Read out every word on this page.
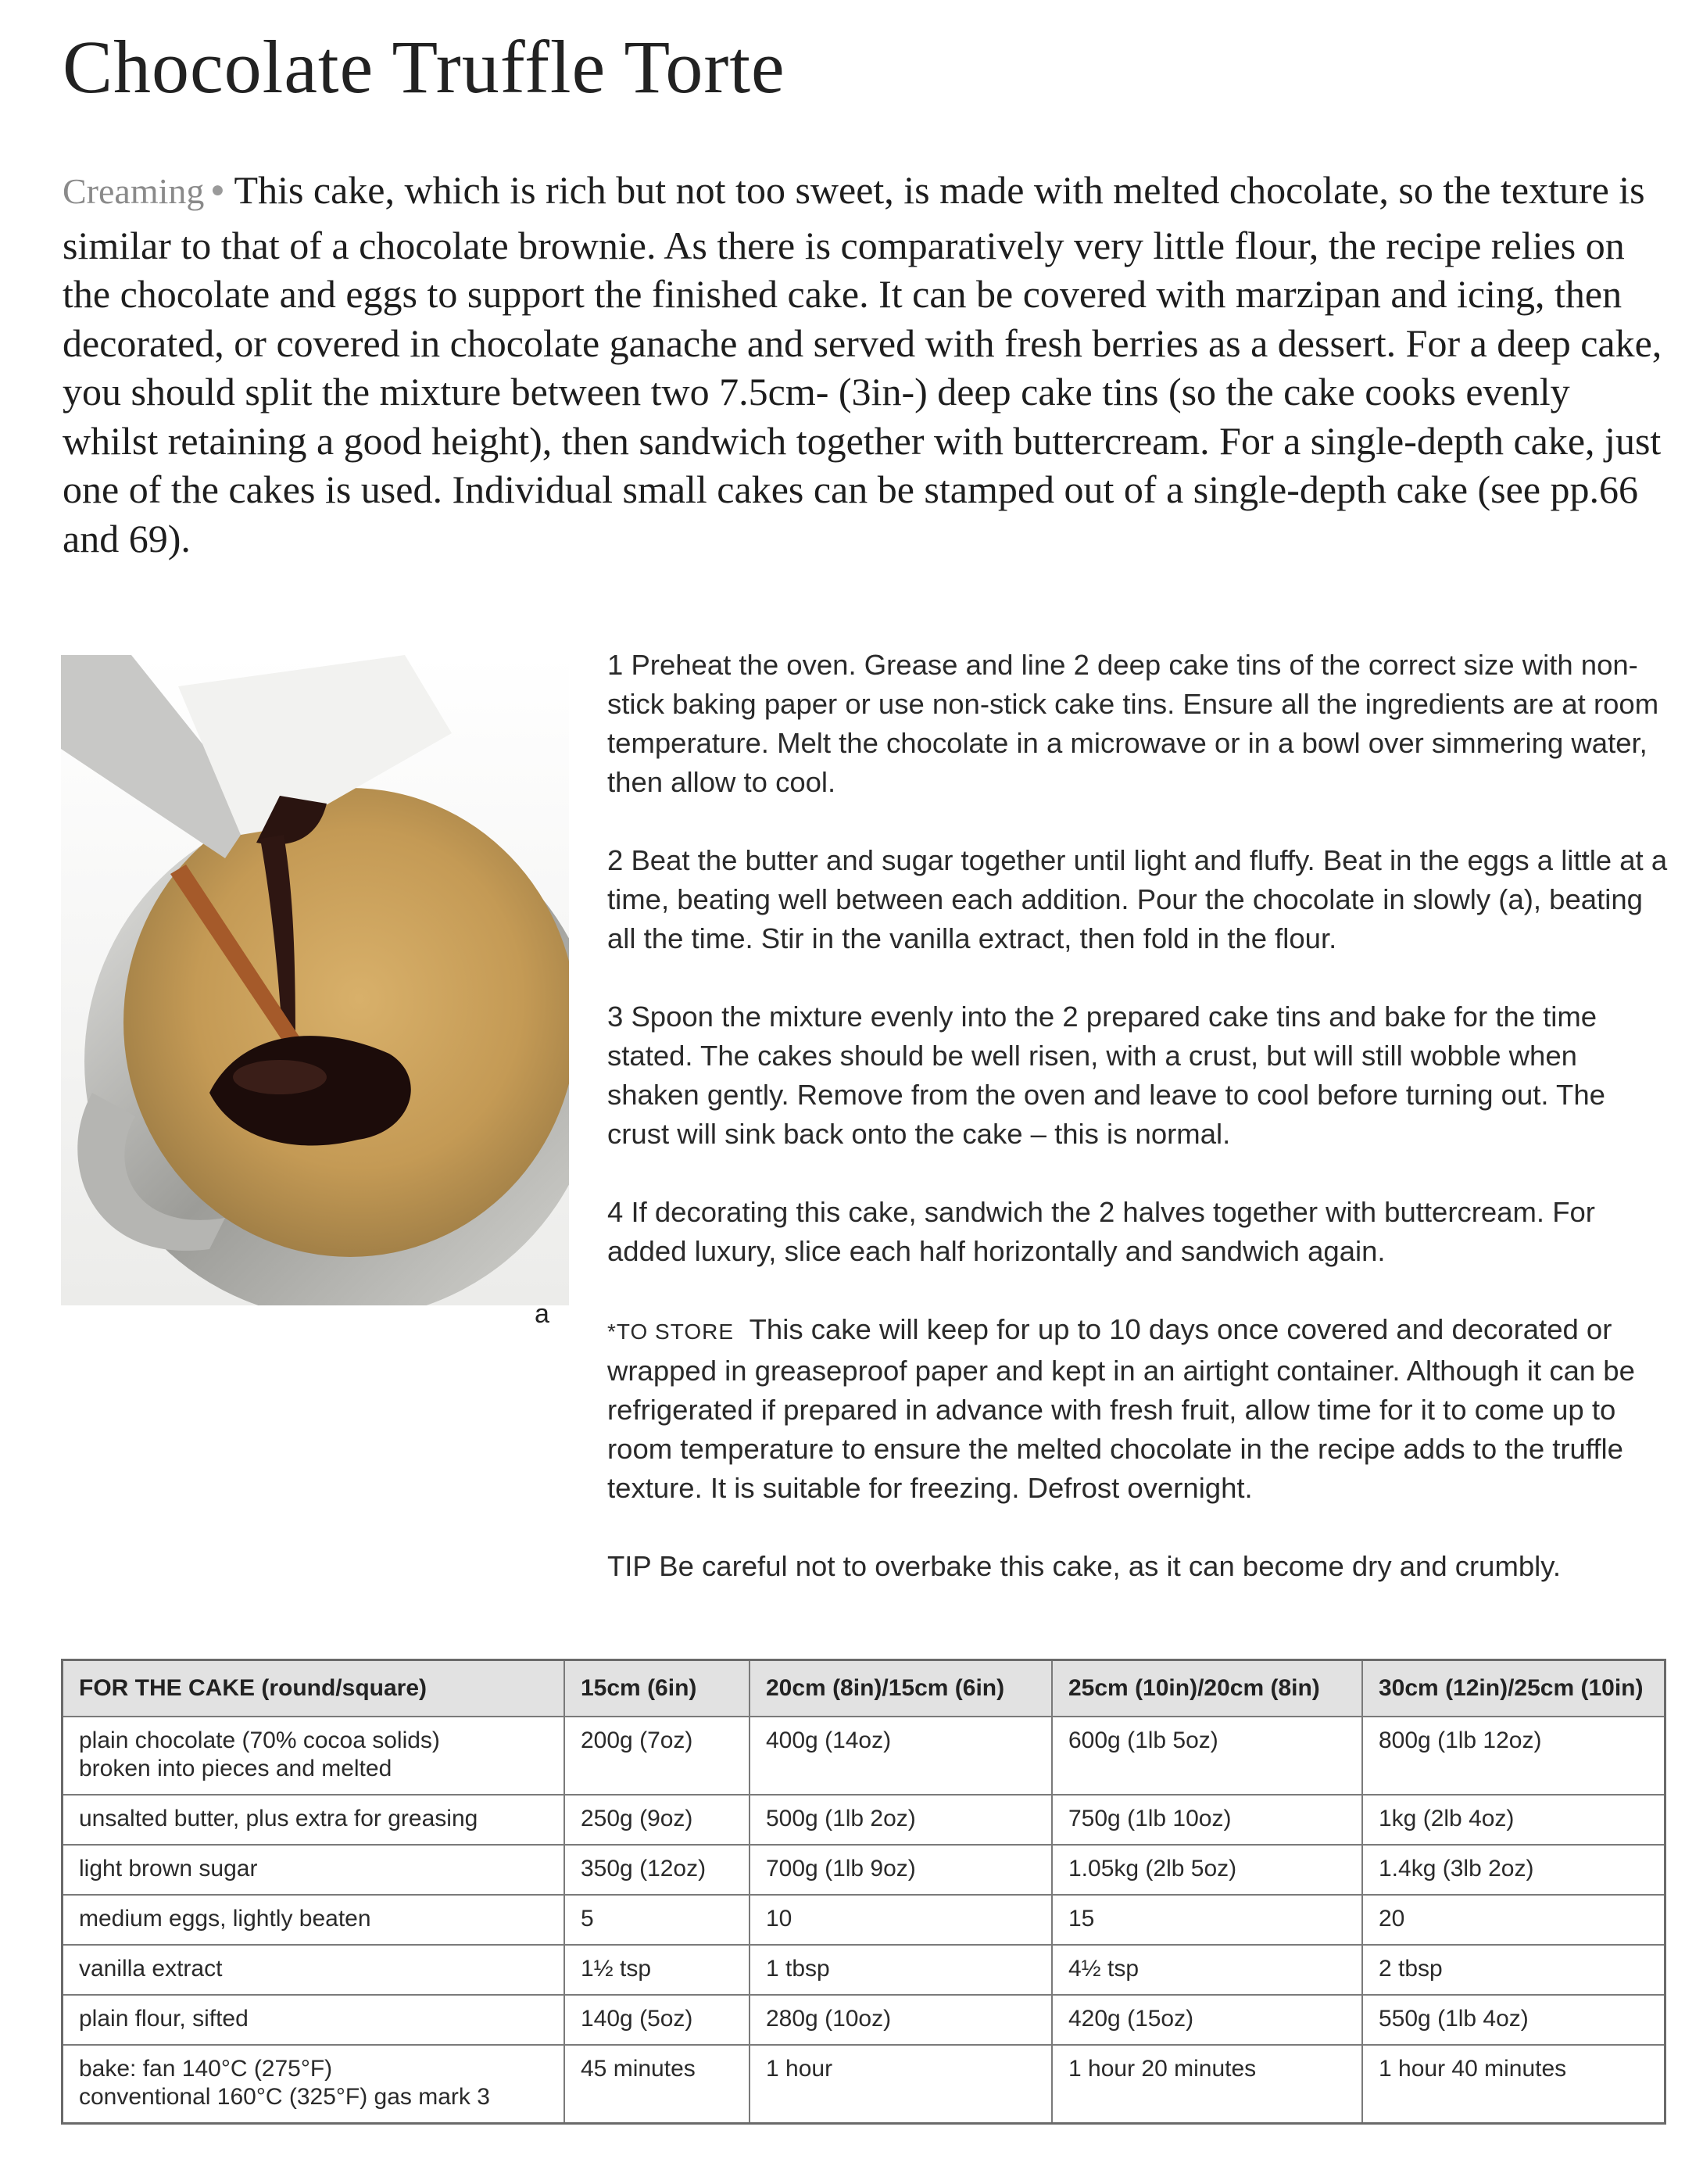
Chocolate Truffle Torte

Creaming ● This cake, which is rich but not too sweet, is made with melted chocolate, so the texture is similar to that of a chocolate brownie. As there is comparatively very little flour, the recipe relies on the chocolate and eggs to support the finished cake. It can be covered with marzipan and icing, then decorated, or covered in chocolate ganache and served with fresh berries as a dessert. For a deep cake, you should split the mixture between two 7.5cm- (3in-) deep cake tins (so the cake cooks evenly whilst retaining a good height), then sandwich together with buttercream. For a single-depth cake, just one of the cakes is used. Individual small cakes can be stamped out of a single-depth cake (see pp.66 and 69).

a

1 Preheat the oven. Grease and line 2 deep cake tins of the correct size with non-stick baking paper or use non-stick cake tins. Ensure all the ingredients are at room temperature. Melt the chocolate in a microwave or in a bowl over simmering water, then allow to cool.

2 Beat the butter and sugar together until light and fluffy. Beat in the eggs a little at a time, beating well between each addition. Pour the chocolate in slowly (a), beating all the time. Stir in the vanilla extract, then fold in the flour.

3 Spoon the mixture evenly into the 2 prepared cake tins and bake for the time stated. The cakes should be well risen, with a crust, but will still wobble when shaken gently. Remove from the oven and leave to cool before turning out. The crust will sink back onto the cake – this is normal.

4 If decorating this cake, sandwich the 2 halves together with buttercream. For added luxury, slice each half horizontally and sandwich again.

*TO STORE This cake will keep for up to 10 days once covered and decorated or wrapped in greaseproof paper and kept in an airtight container. Although it can be refrigerated if prepared in advance with fresh fruit, allow time for it to come up to room temperature to ensure the melted chocolate in the recipe adds to the truffle texture. It is suitable for freezing. Defrost overnight.

TIP Be careful not to overbake this cake, as it can become dry and crumbly.

FOR THE CAKE (round/square)	15cm (6in)	20cm (8in)/15cm (6in)	25cm (10in)/20cm (8in)	30cm (12in)/25cm (10in)
plain chocolate (70% cocoa solids)
broken into pieces and melted	200g (7oz)	400g (14oz)	600g (1lb 5oz)	800g (1lb 12oz)
unsalted butter, plus extra for greasing	250g (9oz)	500g (1lb 2oz)	750g (1lb 10oz)	1kg (2lb 4oz)
light brown sugar	350g (12oz)	700g (1lb 9oz)	1.05kg (2lb 5oz)	1.4kg (3lb 2oz)
medium eggs, lightly beaten	5	10	15	20
vanilla extract	1½ tsp	1 tbsp	4½ tsp	2 tbsp
plain flour, sifted	140g (5oz)	280g (10oz)	420g (15oz)	550g (1lb 4oz)
bake: fan 140°C (275°F)
conventional 160°C (325°F) gas mark 3	45 minutes	1 hour	1 hour 20 minutes	1 hour 40 minutes
